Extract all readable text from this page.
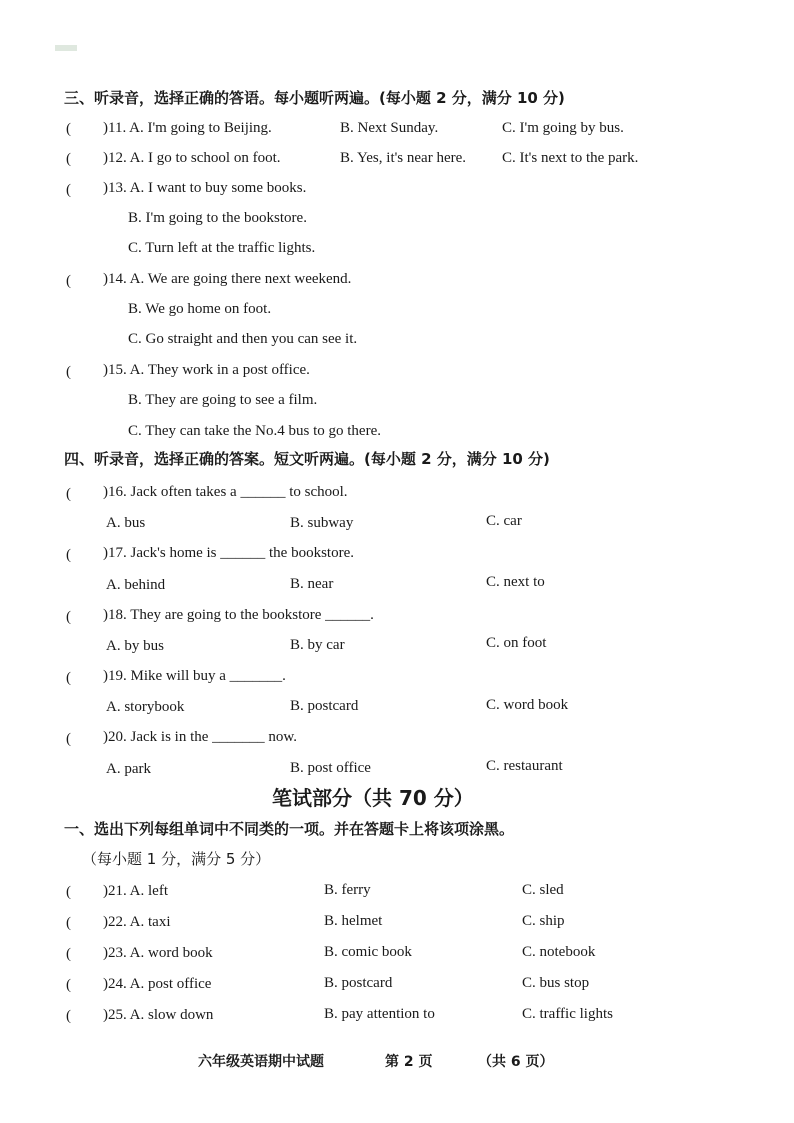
三、听录音，选择正确的答语。每小题听两遍。(每小题 2 分，满分 10 分)
( )11. A. I'm going to Beijing.	B. Next Sunday.	C. I'm going by bus.
( )12. A. I go to school on foot.	B. Yes, it's near here. C. It's next to the park.
( )13. A. I want to buy some books.
B. I'm going to the bookstore.
C. Turn left at the traffic lights.
( )14. A. We are going there next weekend.
B. We go home on foot.
C. Go straight and then you can see it.
( )15. A. They work in a post office.
B. They are going to see a film.
C. They can take the No.4 bus to go there.
四、听录音，选择正确的答案。短文听两遍。(每小题 2 分，满分 10 分)
( )16. Jack often takes a ______ to school.
A. bus	B. subway	C. car
( )17. Jack's home is ______ the bookstore.
A. behind	B. near	C. next to
( )18. They are going to the bookstore ______.
A. by bus	B. by car	C. on foot
( )19. Mike will buy a _______.
A. storybook	B. postcard	C. word book
( )20. Jack is in the _______ now.
A. park	B. post office	C. restaurant
笔试部分（共 70 分）
一、选出下列每组单词中不同类的一项。并在答题卡上将该项涂黑。
（每小题 1 分，满分 5 分）
( )21. A. left	B. ferry	C. sled
( )22. A. taxi	B. helmet	C. ship
( )23. A. word book	B. comic book	C. notebook
( )24. A. post office	B. postcard	C. bus stop
( )25. A. slow down	B. pay attention to	C. traffic lights
六年级英语期中试题	第 2 页	（共 6 页）
